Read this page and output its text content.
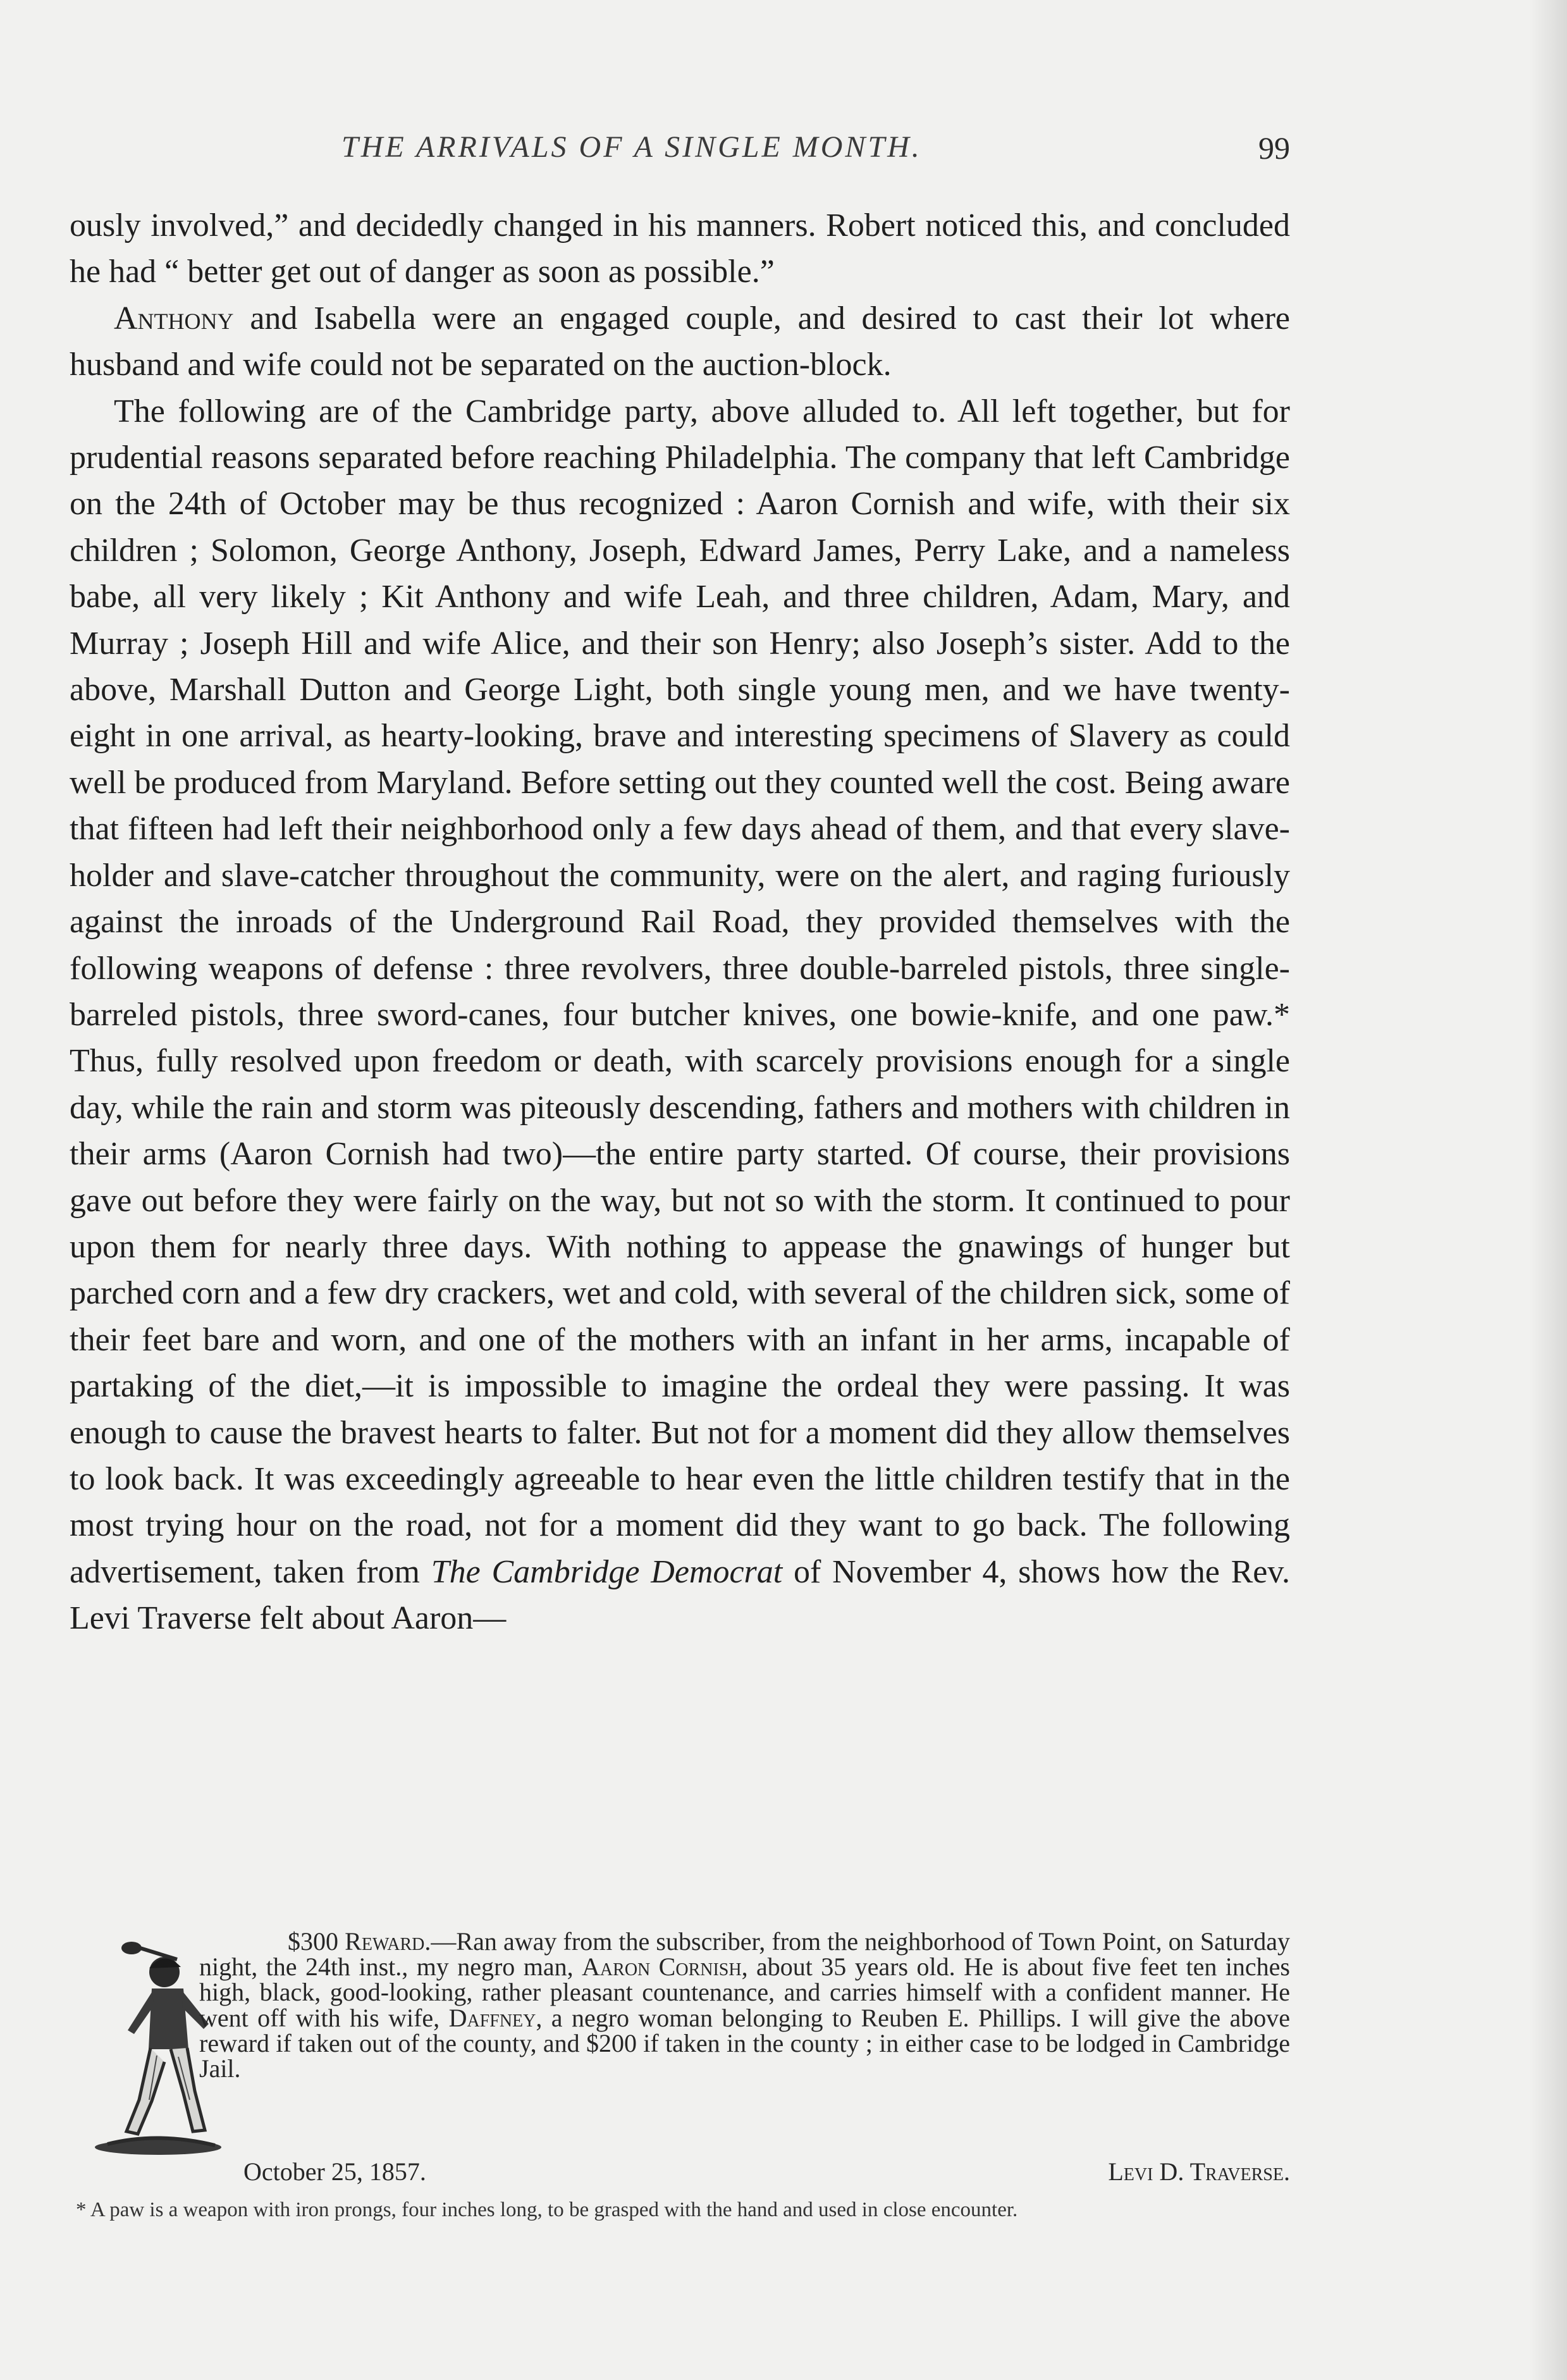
THE ARRIVALS OF A SINGLE MONTH.	99

ously involved,” and decidedly changed in his manners. Robert noticed this, and concluded he had “ better get out of danger as soon as possible.”

Anthony and Isabella were an engaged couple, and desired to cast their lot where husband and wife could not be separated on the auction-block.

The following are of the Cambridge party, above alluded to. All left together, but for prudential reasons separated before reaching Philadelphia. The company that left Cambridge on the 24th of October may be thus recognized : Aaron Cornish and wife, with their six children ; Solomon, George Anthony, Joseph, Edward James, Perry Lake, and a nameless babe, all very likely ; Kit Anthony and wife Leah, and three children, Adam, Mary, and Murray ; Joseph Hill and wife Alice, and their son Henry; also Joseph’s sister. Add to the above, Marshall Dutton and George Light, both single young men, and we have twenty-eight in one arrival, as hearty-looking, brave and interesting specimens of Slavery as could well be produced from Maryland. Before setting out they counted well the cost. Being aware that fifteen had left their neighborhood only a few days ahead of them, and that every slave-holder and slave-catcher throughout the community, were on the alert, and raging furiously against the inroads of the Underground Rail Road, they provided themselves with the following weapons of defense : three revolvers, three double-barreled pistols, three single-barreled pistols, three sword-canes, four butcher knives, one bowie-knife, and one paw.* Thus, fully resolved upon freedom or death, with scarcely provisions enough for a single day, while the rain and storm was piteously descending, fathers and mothers with children in their arms (Aaron Cornish had two)—the entire party started. Of course, their provisions gave out before they were fairly on the way, but not so with the storm. It continued to pour upon them for nearly three days. With nothing to appease the gnawings of hunger but parched corn and a few dry crackers, wet and cold, with several of the children sick, some of their feet bare and worn, and one of the mothers with an infant in her arms, incapable of partaking of the diet,—it is impossible to imagine the ordeal they were passing. It was enough to cause the bravest hearts to falter. But not for a moment did they allow themselves to look back. It was exceedingly agreeable to hear even the little children testify that in the most trying hour on the road, not for a moment did they want to go back. The following advertisement, taken from The Cambridge Democrat of November 4, shows how the Rev. Levi Traverse felt about Aaron—

$300 Reward.—Ran away from the subscriber, from the neighborhood of Town Point, on Saturday night, the 24th inst., my negro man, Aaron Cornish, about 35 years old. He is about five feet ten inches high, black, good-looking, rather pleasant countenance, and carries himself with a confident manner. He went off with his wife, Daffney, a negro woman belonging to Reuben E. Phillips. I will give the above reward if taken out of the county, and $200 if taken in the county ; in either case to be lodged in Cambridge Jail.

October 25, 1857.	Levi D. Traverse.

* A paw is a weapon with iron prongs, four inches long, to be grasped with the hand and used in close encounter.
